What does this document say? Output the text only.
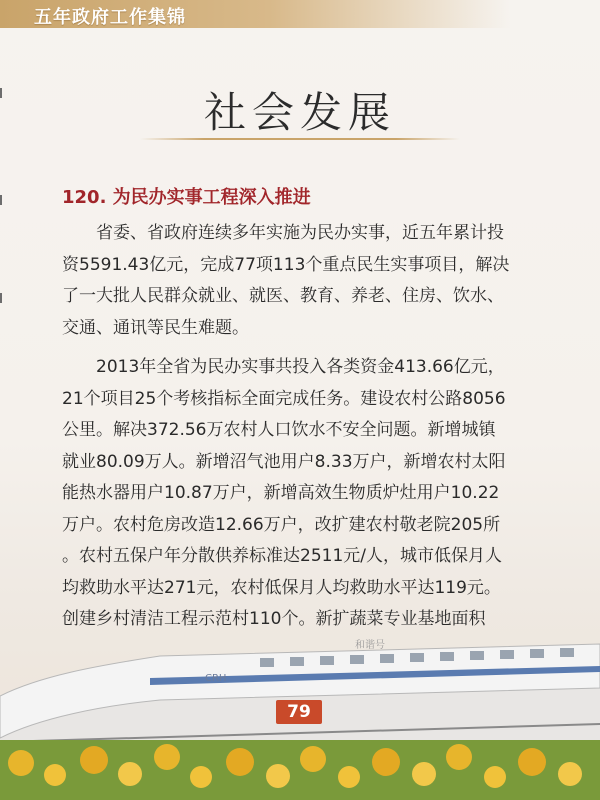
五年政府工作集锦
社会发展
120. 为民办实事工程深入推进
　　省委、省政府连续多年实施为民办实事，近五年累计投
资5591.43亿元，完成77项113个重点民生实事项目，解决
了一大批人民群众就业、就医、教育、养老、住房、饮水、
交通、通讯等民生难题。
　　2013年全省为民办实事共投入各类资金413.66亿元，
21个项目25个考核指标全面完成任务。建设农村公路8056
公里。解决372.56万农村人口饮水不安全问题。新增城镇
就业80.09万人。新增沼气池用户8.33万户，新增农村太阳
能热水器用户10.87万户，新增高效生物质炉灶用户10.22
万户。农村危房改造12.66万户，改扩建农村敬老院205所
。农村五保户年分散供养标准达2511元/人，城市低保月人
均救助水平达271元，农村低保月人均救助水平达119元。
创建乡村清洁工程示范村110个。新扩蔬菜专业基地面积
CRH
和谐号
79
